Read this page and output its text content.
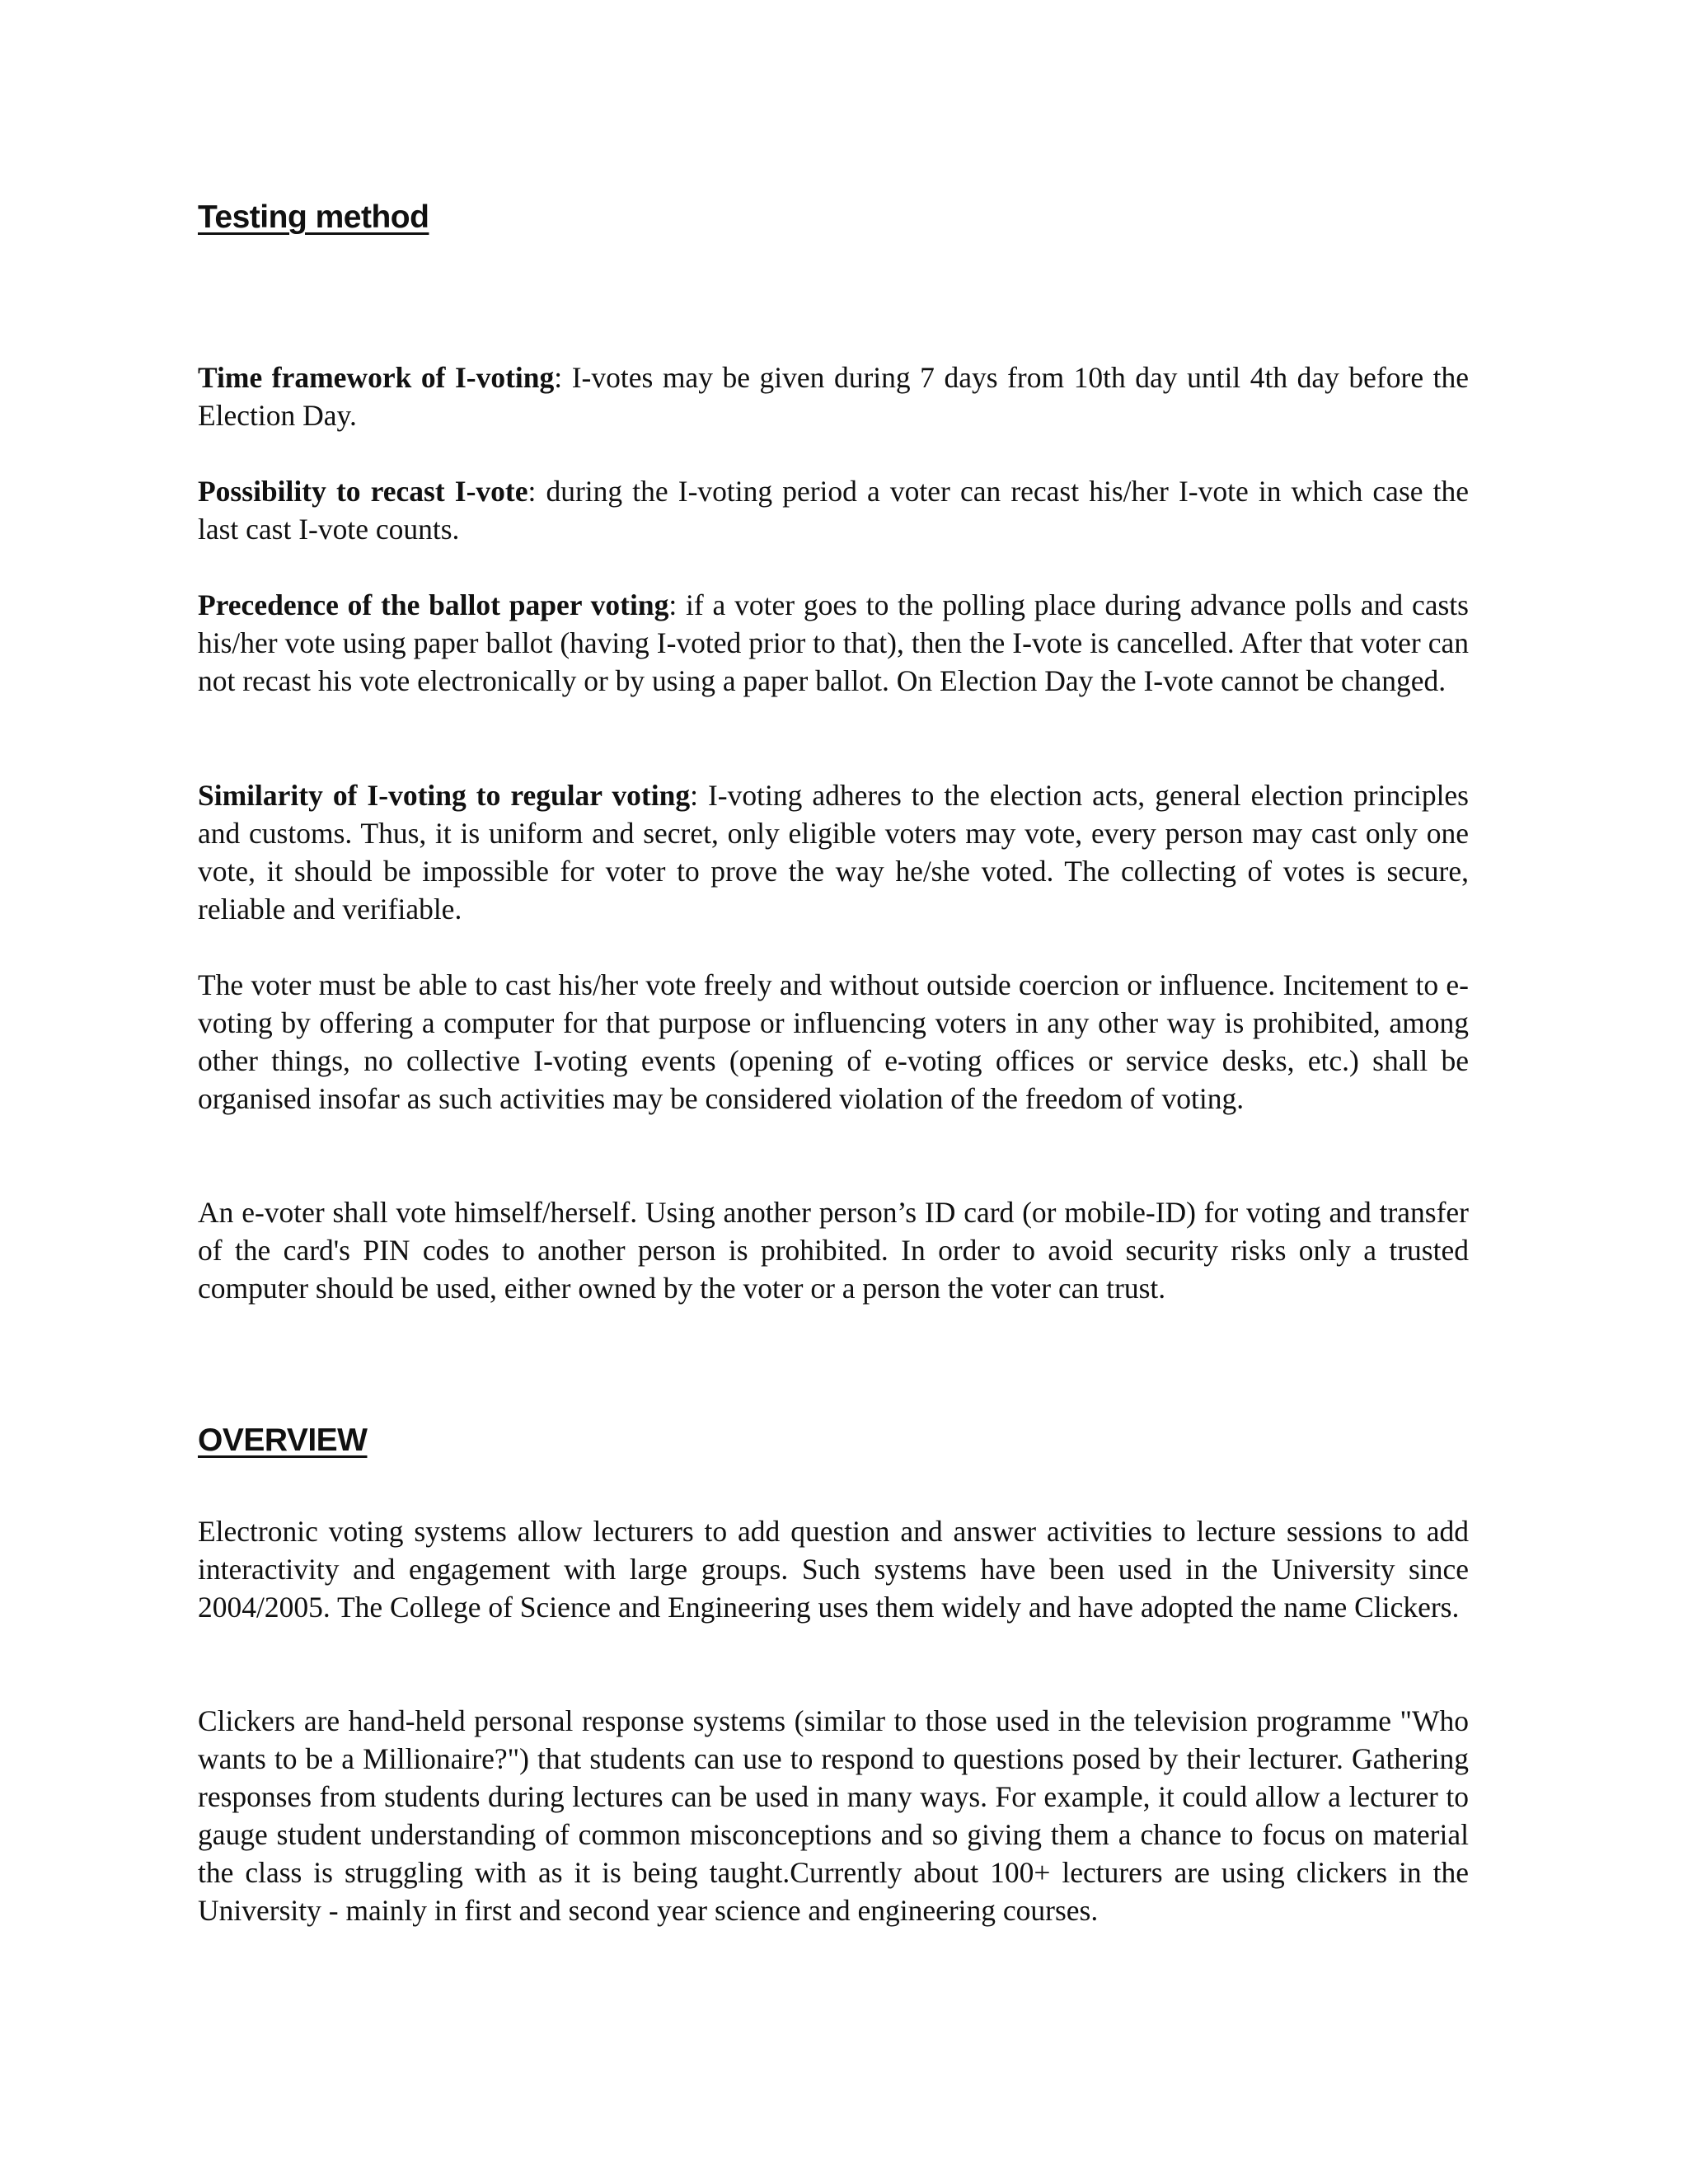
Testing method

Time framework of I-voting: I-votes may be given during 7 days from 10th day until 4th day before the Election Day.

Possibility to recast I-vote: during the I-voting period a voter can recast his/her I-vote in which case the last cast I-vote counts.

Precedence of the ballot paper voting: if a voter goes to the polling place during advance polls and casts his/her vote using paper ballot (having I-voted prior to that), then the I-vote is cancelled. After that voter can not recast his vote electronically or by using a paper ballot. On Election Day the I-vote cannot be changed.

Similarity of I-voting to regular voting: I-voting adheres to the election acts, general election principles and customs. Thus, it is uniform and secret, only eligible voters may vote, every person may cast only one vote, it should be impossible for voter to prove the way he/she voted. The collecting of votes is secure, reliable and verifiable.

The voter must be able to cast his/her vote freely and without outside coercion or influence. Incitement to e-voting by offering a computer for that purpose or influencing voters in any other way is prohibited, among other things, no collective I-voting events (opening of e-voting offices or service desks, etc.) shall be organised insofar as such activities may be considered violation of the freedom of voting.

An e-voter shall vote himself/herself. Using another person’s ID card (or mobile-ID) for voting and transfer of the card's PIN codes to another person is prohibited. In order to avoid security risks only a trusted computer should be used, either owned by the voter or a person the voter can trust.

OVERVIEW

Electronic voting systems allow lecturers to add question and answer activities to lecture sessions to add interactivity and engagement with large groups. Such systems have been used in the University since 2004/2005. The College of Science and Engineering uses them widely and have adopted the name Clickers.

Clickers are hand-held personal response systems (similar to those used in the television programme "Who wants to be a Millionaire?") that students can use to respond to questions posed by their lecturer. Gathering responses from students during lectures can be used in many ways. For example, it could allow a lecturer to gauge student understanding of common misconceptions and so giving them a chance to focus on material the class is struggling with as it is being taught.Currently about 100+ lecturers are using clickers in the University - mainly in first and second year science and engineering courses.
